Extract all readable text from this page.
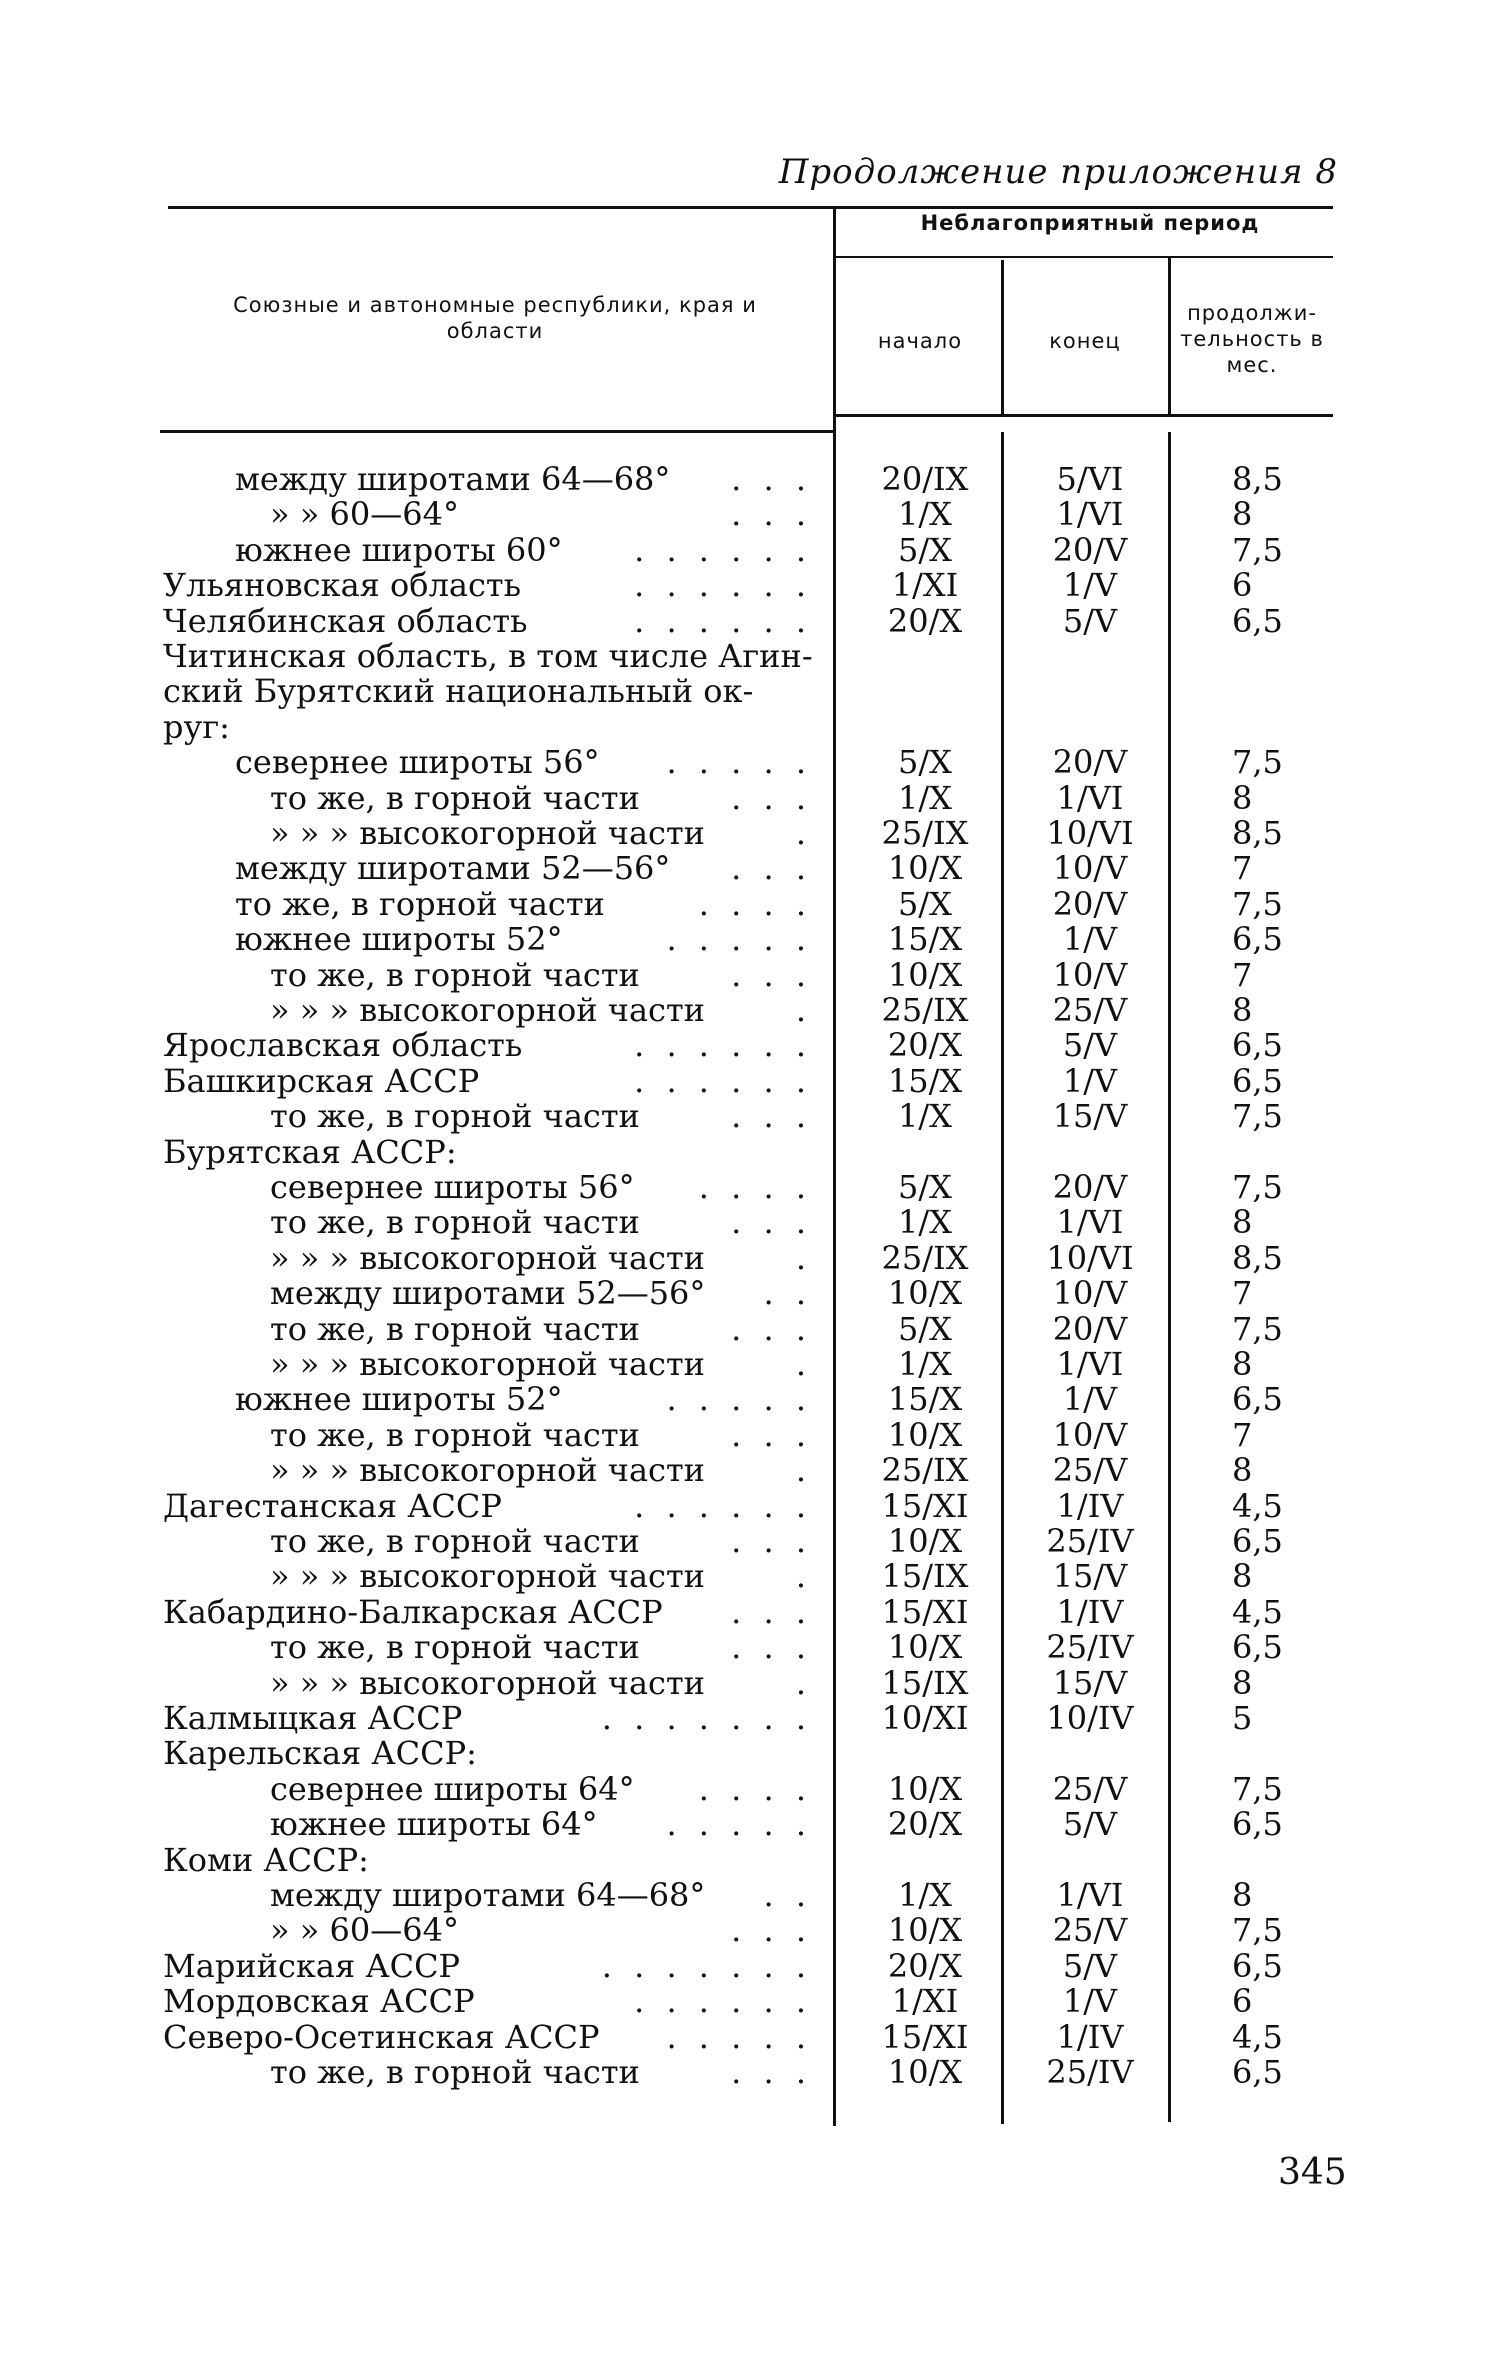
Продолжение приложения 8
Союзные и автономные республики, края и области
Неблагоприятный период
начало	конец
продолжи- тельность в мес.
между широтами 64—68° . . .	20/IX	5/VI	8,5
» » 60—64°	. . .	1/X	1/VI	8
южнее широты 60° . . . . . .	5/X	20/V	7,5
Ульяновская область	. . . . . .	1/XI	1/V	6
Челябинская область	. . . . . .	20/X	5/V	6,5
Читинская область, в том числе Агин-
ский Бурятский национальный ок-
руг:
севернее широты 56° . . . . .	5/X	20/V	7,5
то же, в горной части	. . .	1/X	1/VI	8
» » » высокогорной части	.	25/IX	10/VI	8,5
между широтами 52—56° . . .	10/X	10/V	7
то же, в горной части	. . . .	5/X	20/V	7,5
южнее широты 52°	. . . . .	15/X	1/V	6,5
то же, в горной части	. . .	10/X	10/V	7
» » » высокогорной части	.	25/IX	25/V	8
Ярославская область	. . . . . .	20/X	5/V	6,5
Башкирская АССР	. . . . . .	15/X	1/V	6,5
то же, в горной части	. . .	1/X	15/V	7,5
Бурятская АССР:
севернее широты 56° . . . .	5/X	20/V	7,5
то же, в горной части	. . .	1/X	1/VI	8
» » » высокогорной части	.	25/IX	10/VI	8,5
между широтами 52—56° . .	10/X	10/V	7
то же, в горной части	. . .	5/X	20/V	7,5
» » » высокогорной части	.	1/X	1/VI	8
южнее широты 52°	. . . . .	15/X	1/V	6,5
то же, в горной части	. . .	10/X	10/V	7
» » » высокогорной части	.	25/IX	25/V	8
Дагестанская АССР	. . . . . .	15/XI	1/IV	4,5
то же, в горной части	. . .	10/X	25/IV	6,5
» » » высокогорной части	.	15/IX	15/V	8
Кабардино-Балкарская АССР . . .	15/XI	1/IV	4,5
то же, в горной части	. . .	10/X	25/IV	6,5
» » » высокогорной части	.	15/IX	15/V	8
Калмыцкая АССР	. . . . . . .	10/XI	10/IV	5
Карельская АССР:
севернее широты 64° . . . .	10/X	25/V	7,5
южнее широты 64° . . . . .	20/X	5/V	6,5
Коми АССР:
между широтами 64—68° . .	1/X	1/VI	8
» » 60—64°	. . .	10/X	25/V	7,5
Марийская АССР	. . . . . . .	20/X	5/V	6,5
Мордовская АССР	. . . . . .	1/XI	1/V	6
Северо-Осетинская АССР . . . . .	15/XI	1/IV	4,5
то же, в горной части	. . .	10/X	25/IV	6,5
345
